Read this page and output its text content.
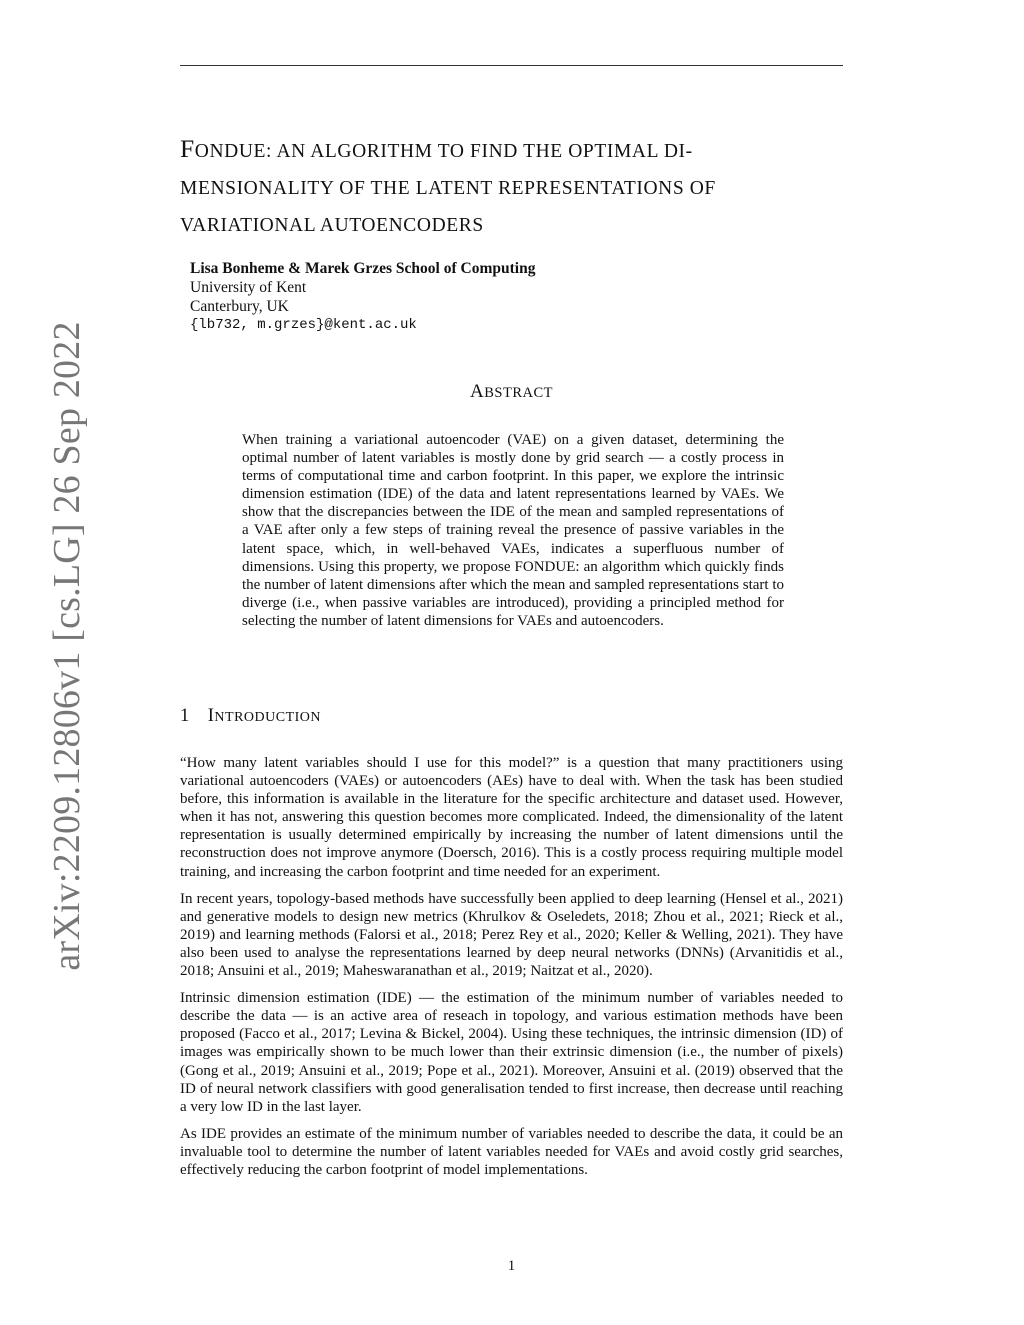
FONDUE: AN ALGORITHM TO FIND THE OPTIMAL DI-
MENSIONALITY OF THE LATENT REPRESENTATIONS OF
VARIATIONAL AUTOENCODERS
Lisa Bonheme & Marek Grzes School of Computing
University of Kent
Canterbury, UK
{lb732, m.grzes}@kent.ac.uk
arXiv:2209.12806v1 [cs.LG] 26 Sep 2022	ABSTRACT
When training a variational autoencoder (VAE) on a given dataset, determining the optimal number of latent variables is mostly done by grid search — a costly process in terms of computational time and carbon footprint. In this paper, we explore the intrinsic dimension estimation (IDE) of the data and latent representations learned by VAEs. We show that the discrepancies between the IDE of the mean and sampled representations of a VAE after only a few steps of training reveal the presence of passive variables in the latent space, which, in well-behaved VAEs, indicates a superfluous number of dimensions. Using this property, we propose FONDUE: an algorithm which quickly finds the number of latent dimensions after which the mean and sampled representations start to diverge (i.e., when passive variables are introduced), providing a principled method for selecting the number of latent dimensions for VAEs and autoencoders.
1 INTRODUCTION

“How many latent variables should I use for this model?” is a question that many practitioners using variational autoencoders (VAEs) or autoencoders (AEs) have to deal with. When the task has been studied before, this information is available in the literature for the specific architecture and dataset used. However, when it has not, answering this question becomes more complicated. Indeed, the dimensionality of the latent representation is usually determined empirically by increasing the number of latent dimensions until the reconstruction does not improve anymore (Doersch, 2016). This is a costly process requiring multiple model training, and increasing the carbon footprint and time needed for an experiment.

In recent years, topology-based methods have successfully been applied to deep learning (Hensel et al., 2021) and generative models to design new metrics (Khrulkov & Oseledets, 2018; Zhou et al., 2021; Rieck et al., 2019) and learning methods (Falorsi et al., 2018; Perez Rey et al., 2020; Keller & Welling, 2021). They have also been used to analyse the representations learned by deep neural networks (DNNs) (Arvanitidis et al., 2018; Ansuini et al., 2019; Maheswaranathan et al., 2019; Naitzat et al., 2020).

Intrinsic dimension estimation (IDE) — the estimation of the minimum number of variables needed to describe the data — is an active area of reseach in topology, and various estimation methods have been proposed (Facco et al., 2017; Levina & Bickel, 2004). Using these techniques, the intrinsic dimension (ID) of images was empirically shown to be much lower than their extrinsic dimension (i.e., the number of pixels) (Gong et al., 2019; Ansuini et al., 2019; Pope et al., 2021). Moreover, Ansuini et al. (2019) observed that the ID of neural network classifiers with good generalisation tended to first increase, then decrease until reaching a very low ID in the last layer.

As IDE provides an estimate of the minimum number of variables needed to describe the data, it could be an invaluable tool to determine the number of latent variables needed for VAEs and avoid costly grid searches, effectively reducing the carbon footprint of model implementations.

1
